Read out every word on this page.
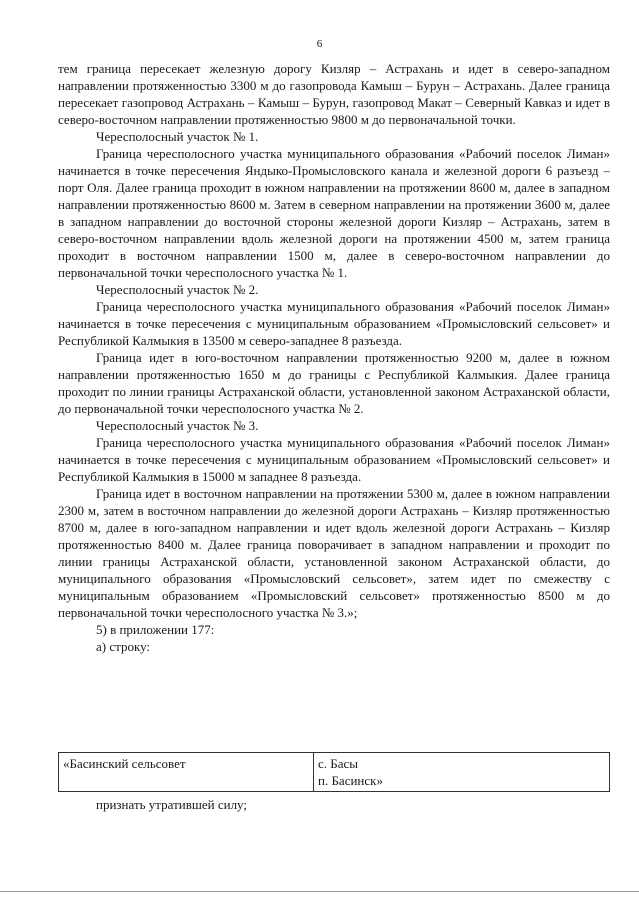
6

тем граница пересекает железную дорогу Кизляр – Астрахань и идет в северо-западном направлении протяженностью 3300 м до газопровода Камыш – Бурун – Астрахань. Далее граница пересекает газопровод Астрахань – Камыш – Бурун, газопровод Макат – Северный Кавказ и идет в северо-восточном направлении протяженностью 9800 м до первоначальной точки.

Чересполосный участок № 1.

Граница чересполосного участка муниципального образования «Рабочий поселок Лиман» начинается в точке пересечения Яндыко-Промысловского канала и железной дороги 6 разъезд – порт Оля. Далее граница проходит в южном направлении на протяжении 8600 м, далее в западном направлении протяженностью 8600 м. Затем в северном направлении на протяжении 3600 м, далее в западном направлении до восточной стороны железной дороги Кизляр – Астрахань, затем в северо-восточном направлении вдоль железной дороги на протяжении 4500 м, затем граница проходит в восточном направлении 1500 м, далее в северо-восточном направлении до первоначальной точки чересполосного участка № 1.

Чересполосный участок № 2.

Граница чересполосного участка муниципального образования «Рабочий поселок Лиман» начинается в точке пересечения с муниципальным образованием «Промысловский сельсовет» и Республикой Калмыкия в 13500 м северо-западнее 8 разъезда.

Граница идет в юго-восточном направлении протяженностью 9200 м, далее в южном направлении протяженностью 1650 м до границы с Республикой Калмыкия. Далее граница проходит по линии границы Астраханской области, установленной законом Астраханской области, до первоначальной точки чересполосного участка № 2.

Чересполосный участок № 3.

Граница чересполосного участка муниципального образования «Рабочий поселок Лиман» начинается в точке пересечения с муниципальным образованием «Промысловский сельсовет» и Республикой Калмыкия в 15000 м западнее 8 разъезда.

Граница идет в восточном направлении на протяжении 5300 м, далее в южном направлении 2300 м, затем в восточном направлении до железной дороги Астрахань – Кизляр протяженностью 8700 м, далее в юго-западном направлении и идет вдоль железной дороги Астрахань – Кизляр протяженностью 8400 м. Далее граница поворачивает в западном направлении и проходит по линии границы Астраханской области, установленной законом Астраханской области, до муниципального образования «Промысловский сельсовет», затем идет по смежеству с муниципальным образованием «Промысловский сельсовет» протяженностью 8500 м до первоначальной точки чересполосного участка № 3.»;

5) в приложении 177:

а) строку:

«Басинский сельсовет	с. Басы
п. Басинск»
признать утратившей силу;
